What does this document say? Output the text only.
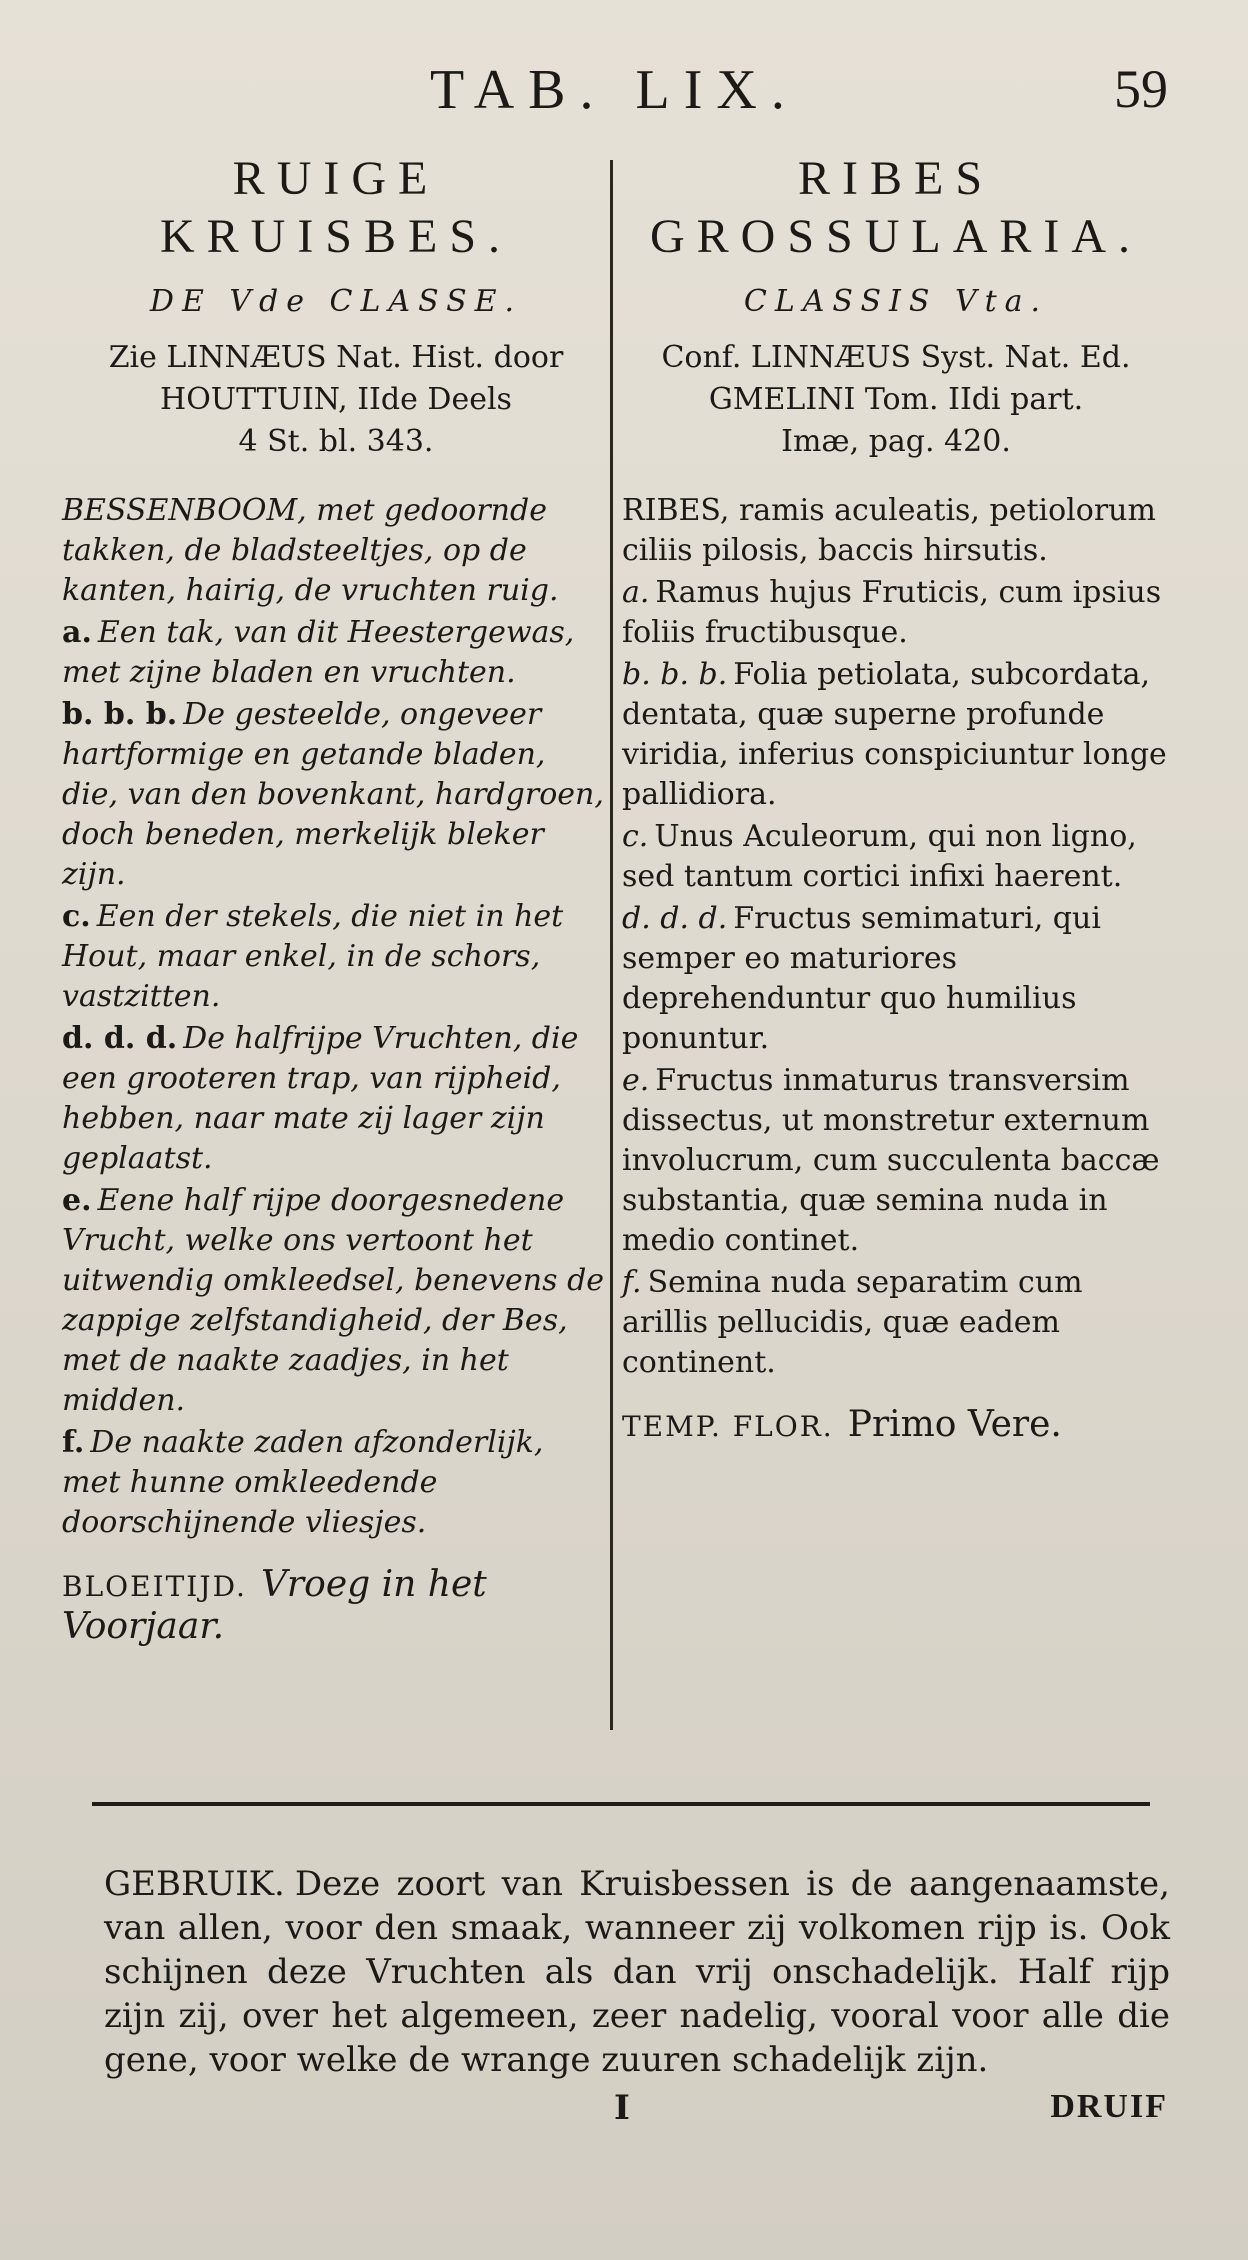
TAB. LIX.	59
RUIGE
KRUISBES.
DE Vde CLASSE.
Zie LINNÆUS Nat. Hist. door
HOUTTUIN, IIde Deels
4 St. bl. 343.
BESSENBOOM, met gedoornde takken, de bladsteeltjes, op de kanten, hairig, de vruchten ruig.
a. Een tak, van dit Heestergewas, met zijne bladen en vruchten.
b. b. b. De gesteelde, ongeveer hartformige en getande bladen, die, van den bovenkant, hardgroen, doch beneden, merkelijk bleker zijn.
c. Een der stekels, die niet in het Hout, maar enkel, in de schors, vastzitten.
d. d. d. De halfrijpe Vruchten, die een grooteren trap, van rijpheid, hebben, naar mate zij lager zijn geplaatst.
e. Eene half rijpe doorgesnedene Vrucht, welke ons vertoont het uitwendig omkleedsel, benevens de zappige zelfstandigheid, der Bes, met de naakte zaadjes, in het midden.
f. De naakte zaden afzonderlijk, met hunne omkleedende doorschijnende vliesjes.
BLOEITIJD. Vroeg in het Voorjaar.
RIBES
GROSSULARIA.
CLASSIS Vta.
Conf. LINNÆUS Syst. Nat. Ed.
GMELINI Tom. IIdi part.
Imæ, pag. 420.
RIBES, ramis aculeatis, petiolorum ciliis pilosis, baccis hirsutis.
a. Ramus hujus Fruticis, cum ipsius foliis fructibusque.
b. b. b. Folia petiolata, subcordata, dentata, quæ superne profunde viridia, inferius conspiciuntur longe pallidiora.
c. Unus Aculeorum, qui non ligno, sed tantum cortici infixi haerent.
d. d. d. Fructus semimaturi, qui semper eo maturiores deprehenduntur quo humilius ponuntur.
e. Fructus inmaturus transversim dissectus, ut monstretur externum involucrum, cum succulenta baccæ substantia, quæ semina nuda in medio continet.
f. Semina nuda separatim cum arillis pellucidis, quæ eadem continent.
TEMP. FLOR. Primo Vere.
GEBRUIK. Deze zoort van Kruisbessen is de aangenaamste, van allen, voor den smaak, wanneer zij volkomen rijp is. Ook schijnen deze Vruchten als dan vrij onschadelijk. Half rijp zijn zij, over het algemeen, zeer nadelig, vooral voor alle die gene, voor welke de wrange zuuren schadelijk zijn.
I	DRUIF
